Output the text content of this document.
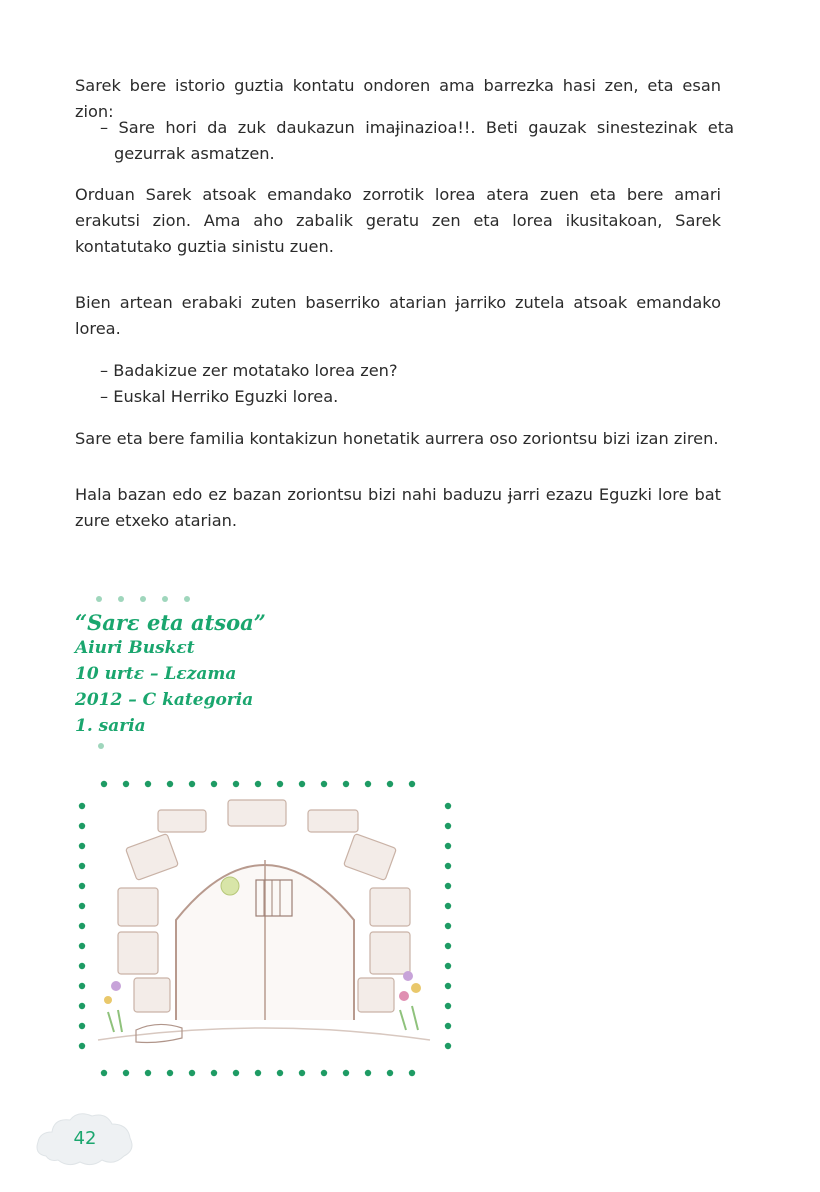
Sarek bere istorio guztia kontatu ondoren ama barrezka hasi zen, eta esan zion:

– Sare hori da zuk daukazun imaɉinazioa!!. Beti gauzak sinestezinak eta gezurrak asmatzen.

Orduan Sarek atsoak emandako zorrotik lorea atera zuen eta bere amari erakutsi zion. Ama aho zabalik geratu zen eta lorea ikusitakoan, Sarek kontatutako guztia sinistu zuen.

Bien artean erabaki zuten baserriko atarian ɉarriko zutela atsoak emandako lorea.

– Badakizue zer motatako lorea zen?

– Euskal Herriko Eguzki lorea.

Sare eta bere familia kontakizun honetatik aurrera oso zoriontsu bizi izan ziren.

Hala bazan edo ez bazan zoriontsu bizi nahi baduzu ɉarri ezazu Eguzki lore bat zure etxeko atarian.

“Sarɛ eta atsoa”
Aiuri Buskɛt
10 urtɛ – Lɛzama
2012 – C kategoria
1. saria
42
